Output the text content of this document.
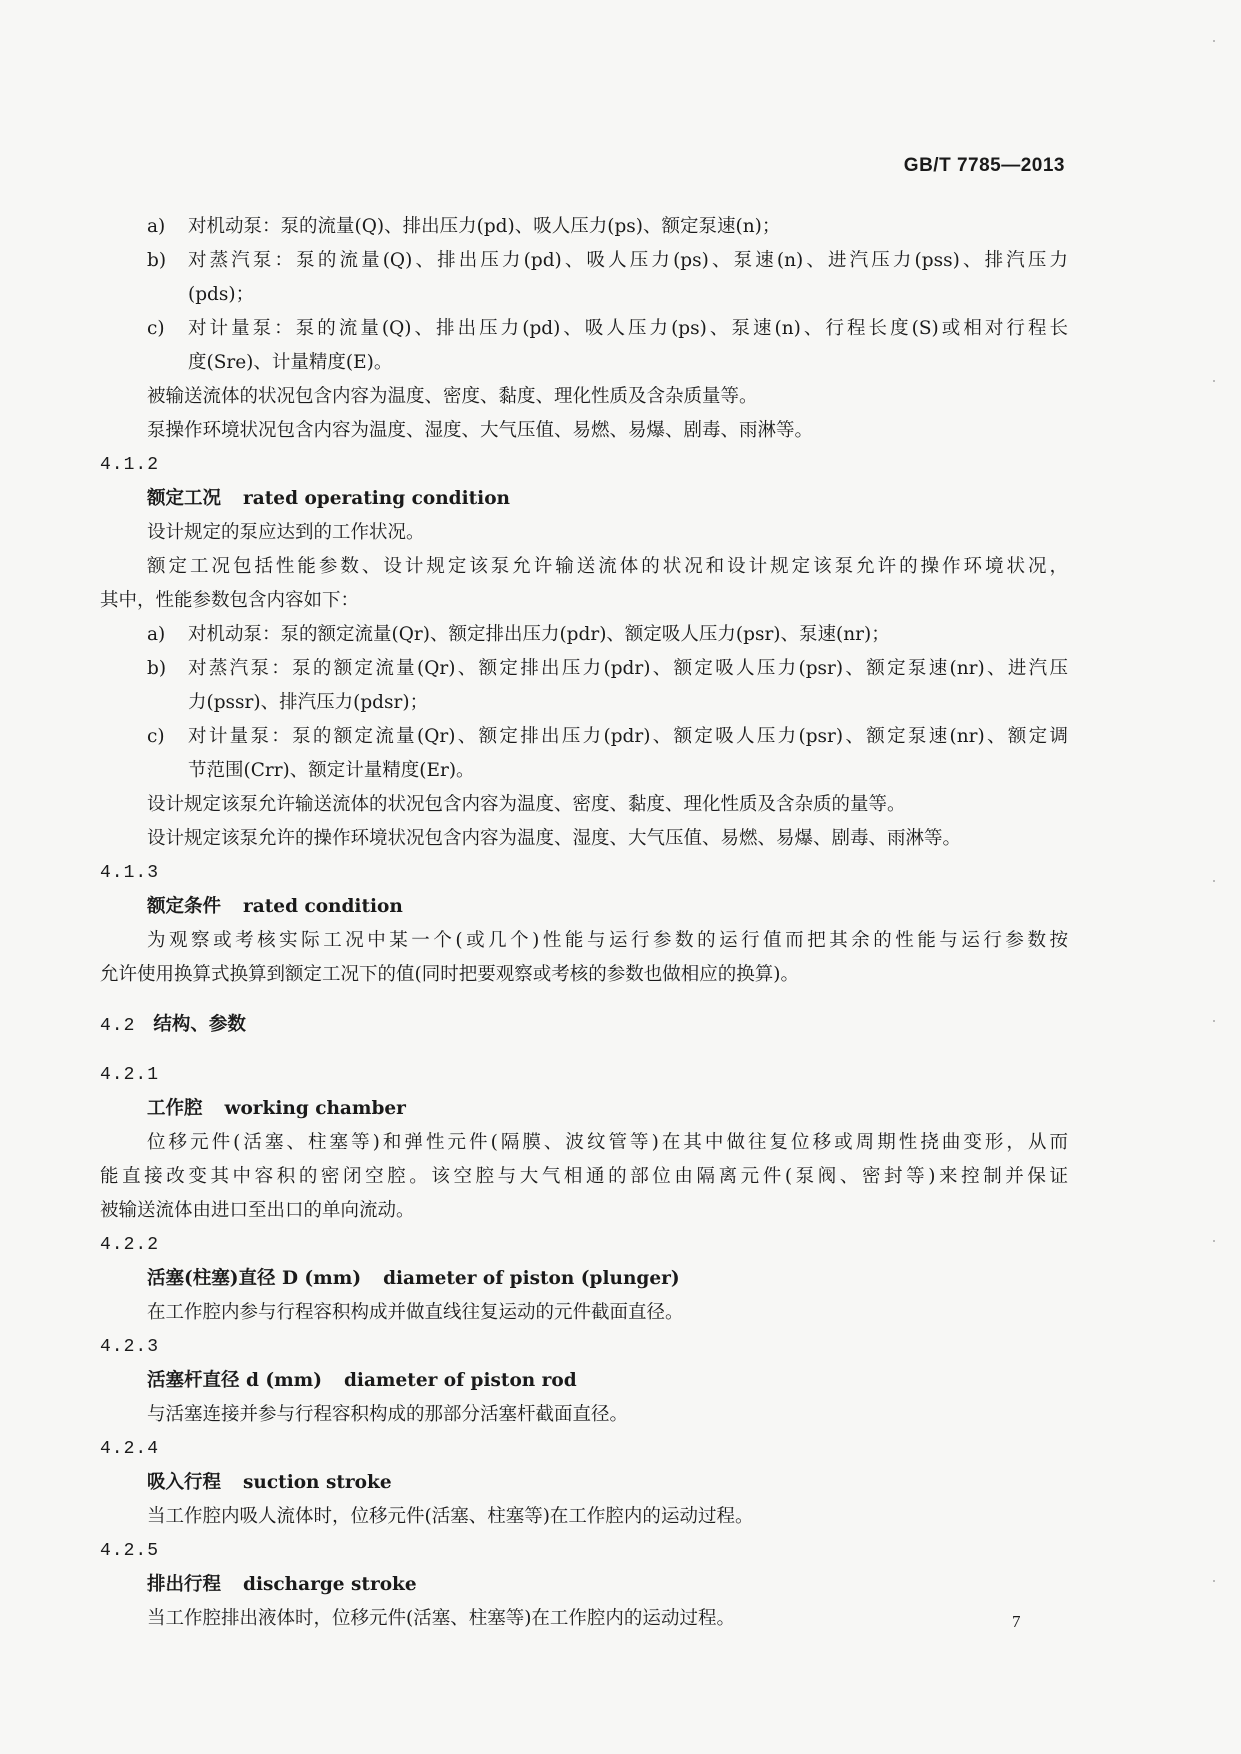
GB/T 7785—2013
a) 对机动泵：泵的流量(Q)、排出压力(pd)、吸人压力(ps)、额定泵速(n)；
b) 对蒸汽泵：泵的流量(Q)、排出压力(pd)、吸人压力(ps)、泵速(n)、进汽压力(pss)、排汽压力
(pds)；
c) 对计量泵：泵的流量(Q)、排出压力(pd)、吸人压力(ps)、泵速(n)、行程长度(S)或相对行程长
度(Sre)、计量精度(E)。
被输送流体的状况包含内容为温度、密度、黏度、理化性质及含杂质量等。
泵操作环境状况包含内容为温度、湿度、大气压值、易燃、易爆、剧毒、雨淋等。
4.1.2
额定工况 rated operating condition
设计规定的泵应达到的工作状况。
额定工况包括性能参数、设计规定该泵允许输送流体的状况和设计规定该泵允许的操作环境状况，
其中，性能参数包含内容如下：
a) 对机动泵：泵的额定流量(Qr)、额定排出压力(pdr)、额定吸人压力(psr)、泵速(nr)；
b) 对蒸汽泵：泵的额定流量(Qr)、额定排出压力(pdr)、额定吸人压力(psr)、额定泵速(nr)、进汽压
力(pssr)、排汽压力(pdsr)；
c) 对计量泵：泵的额定流量(Qr)、额定排出压力(pdr)、额定吸人压力(psr)、额定泵速(nr)、额定调
节范围(Crr)、额定计量精度(Er)。
设计规定该泵允许输送流体的状况包含内容为温度、密度、黏度、理化性质及含杂质的量等。
设计规定该泵允许的操作环境状况包含内容为温度、湿度、大气压值、易燃、易爆、剧毒、雨淋等。
4.1.3
额定条件 rated condition
为观察或考核实际工况中某一个(或几个)性能与运行参数的运行值而把其余的性能与运行参数按
允许使用换算式换算到额定工况下的值(同时把要观察或考核的参数也做相应的换算)。
4.2 结构、参数
4.2.1
工作腔 working chamber
位移元件(活塞、柱塞等)和弹性元件(隔膜、波纹管等)在其中做往复位移或周期性挠曲变形，从而
能直接改变其中容积的密闭空腔。该空腔与大气相通的部位由隔离元件(泵阀、密封等)来控制并保证
被输送流体由进口至出口的单向流动。
4.2.2
活塞(柱塞)直径 D (mm) diameter of piston (plunger)
在工作腔内参与行程容积构成并做直线往复运动的元件截面直径。
4.2.3
活塞杆直径 d (mm) diameter of piston rod
与活塞连接并参与行程容积构成的那部分活塞杆截面直径。
4.2.4
吸入行程 suction stroke
当工作腔内吸人流体时，位移元件(活塞、柱塞等)在工作腔内的运动过程。
4.2.5
排出行程 discharge stroke
当工作腔排出液体时，位移元件(活塞、柱塞等)在工作腔内的运动过程。	7
